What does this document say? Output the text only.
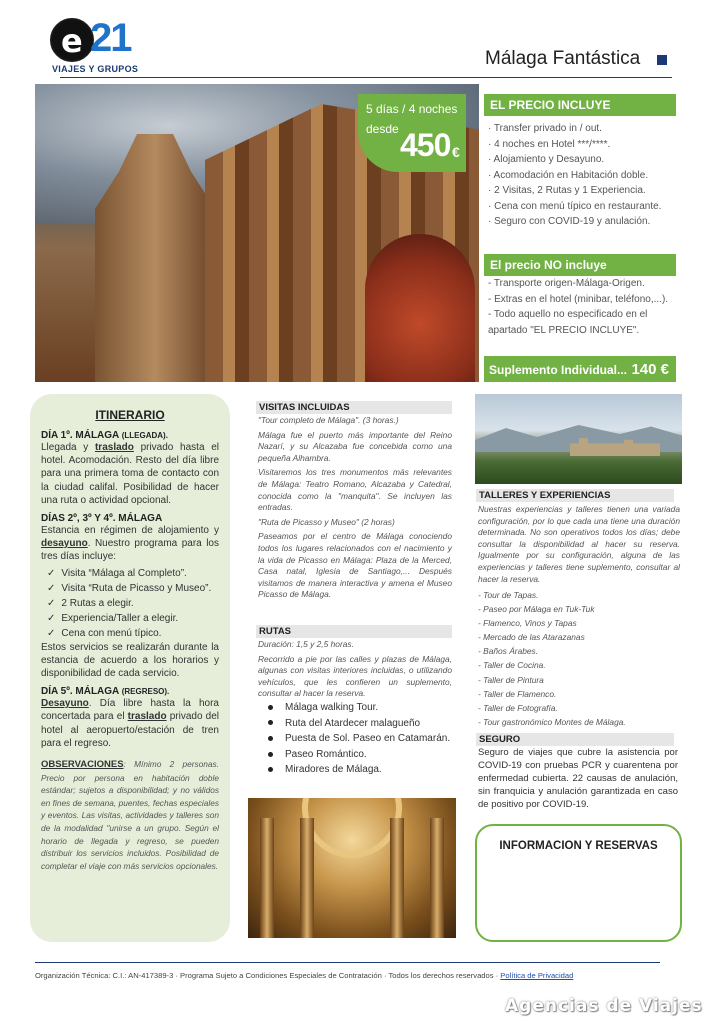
e 21
VIAJES Y GRUPOS	Málaga Fantástica
5 días / 4 noches
desde 450 €
EL PRECIO INCLUYE
· Transfer privado in / out.
· 4 noches en Hotel ***/****.
· Alojamiento y Desayuno.
· Acomodación en Habitación doble.
· 2 Visitas, 2 Rutas y 1 Experiencia.
· Cena con menú típico en restaurante.
· Seguro con COVID-19 y anulación.
El precio NO incluye
- Transporte origen-Málaga-Origen.
- Extras en el hotel (minibar, teléfono,...).
- Todo aquello no especificado en el
apartado "EL PRECIO INCLUYE".
Suplemento Individual... 140 €
ITINERARIO
DÍA 1º. MÁLAGA (LLEGADA).

Llegada y traslado privado hasta el hotel. Acomodación. Resto del día libre para una primera toma de contacto con la ciudad califal. Posibilidad de hacer una ruta o actividad opcional.

DÍAS 2º, 3º Y 4º. MÁLAGA

Estancia en régimen de alojamiento y desayuno. Nuestro programa para los tres días incluye:

✓ Visita “Málaga al Completo”.
✓ Visita “Ruta de Picasso y Museo”.
✓ 2 Rutas a elegir.
✓ Experiencia/Taller a elegir.
✓ Cena con menú típico.

Estos servicios se realizarán durante la estancia de acuerdo a los horarios y disponibilidad de cada servicio.

DÍA 5º. MÁLAGA (REGRESO).

Desayuno. Día libre hasta la hora concertada para el traslado privado del hotel al aeropuerto/estación de tren para el regreso.

OBSERVACIONES: Mínimo 2 personas. Precio por persona en habitación doble estándar; sujetos a disponibilidad; y no válidos en fines de semana, puentes, fechas especiales y eventos. Las visitas, actividades y talleres son de la modalidad "unirse a un grupo. Según el horario de llegada y regreso, se pueden distribuir los servicios incluidos. Posibilidad de completar el viaje con más servicios opcionales.
VISITAS INCLUIDAS

"Tour completo de Málaga". (3 horas.)

Málaga fue el puerto más importante del Reino Nazarí, y su Alcazaba fue concebida como una pequeña Alhambra.

Visitaremos los tres monumentos más relevantes de Málaga: Teatro Romano, Alcazaba y Catedral, conocida como la "manquita". Se incluyen las entradas.

"Ruta de Picasso y Museo" (2 horas)

Paseamos por el centro de Málaga conociendo todos los lugares relacionados con el nacimiento y la vida de Picasso en Málaga: Plaza de la Merced, Casa natal, Iglesia de Santiago,... Después visitamos de manera interactiva y amena el Museo Picasso de Málaga.

RUTAS

Duración: 1,5 y 2,5 horas.

Recorrido a pie por las calles y plazas de Málaga, algunas con visitas interiores incluidas, o utilizando vehículos, que les confieren un suplemento, consultar al hacer la reserva.

Málaga walking Tour.
Ruta del Atardecer malagueño
Puesta de Sol. Paseo en Catamarán.
Paseo Romántico.
Miradores de Málaga.
TALLERES Y EXPERIENCIAS
Nuestras experiencias y talleres tienen una variada configuración, por lo que cada una tiene una duración determinada. No son operativos todos los días; debe consultar la disponibilidad al hacer su reserva. Igualmente por su configuración, alguna de las experiencias y talleres tiene suplemento, consultar al hacer la reserva.
- Tour de Tapas.
- Paseo por Málaga en Tuk-Tuk
- Flamenco, Vinos y Tapas
- Mercado de las Atarazanas
- Baños Árabes.
- Taller de Cocina.
- Taller de Pintura
- Taller de Flamenco.
- Taller de Fotografía.
- Tour gastronómico Montes de Málaga.
SEGURO
Seguro de viajes que cubre la asistencia por COVID-19 con pruebas PCR y cuarentena por enfermedad cubierta. 22 causas de anulación, sin franquicia y anulación garantizada en caso de positivo por COVID-19.
INFORMACION Y RESERVAS
Organización Técnica: C.I.: AN-417389-3 · Programa Sujeto a Condiciones Especiales de Contratación · Todos los derechos reservados · Política de Privacidad
Agencias de Viajes
